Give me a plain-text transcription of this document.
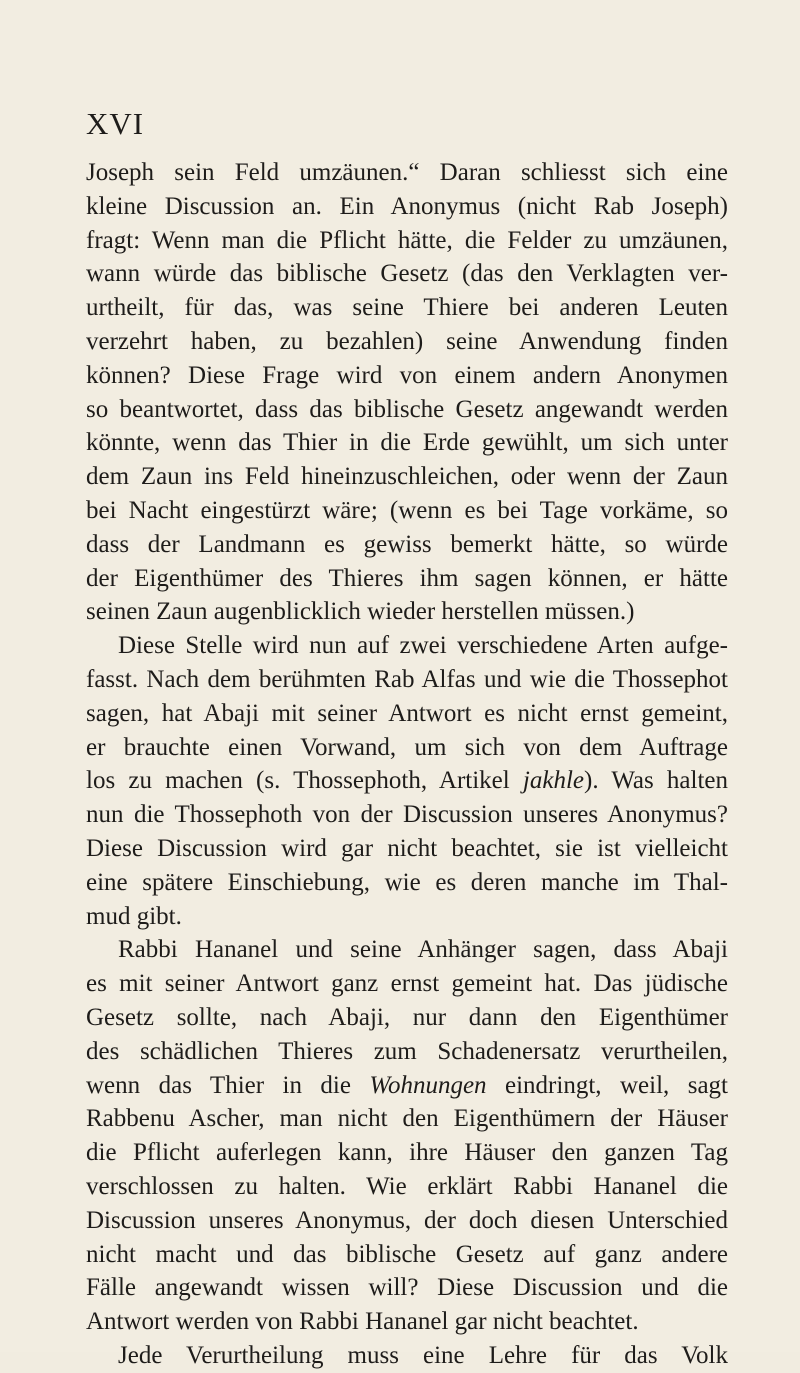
XVI
Joseph sein Feld umzäunen.“ Daran schliesst sich eine
kleine Discussion an. Ein Anonymus (nicht Rab Joseph)
fragt: Wenn man die Pflicht hätte, die Felder zu umzäunen,
wann würde das biblische Gesetz (das den Verklagten ver-
urtheilt, für das, was seine Thiere bei anderen Leuten
verzehrt haben, zu bezahlen) seine Anwendung finden
können? Diese Frage wird von einem andern Anonymen
so beantwortet, dass das biblische Gesetz angewandt werden
könnte, wenn das Thier in die Erde gewühlt, um sich unter
dem Zaun ins Feld hineinzuschleichen, oder wenn der Zaun
bei Nacht eingestürzt wäre; (wenn es bei Tage vorkäme, so
dass der Landmann es gewiss bemerkt hätte, so würde
der Eigenthümer des Thieres ihm sagen können, er hätte
seinen Zaun augenblicklich wieder herstellen müssen.)
Diese Stelle wird nun auf zwei verschiedene Arten aufge-
fasst. Nach dem berühmten Rab Alfas und wie die Thossephot
sagen, hat Abaji mit seiner Antwort es nicht ernst gemeint,
er brauchte einen Vorwand, um sich von dem Auftrage
los zu machen (s. Thossephoth, Artikel jakhle). Was halten
nun die Thossephoth von der Discussion unseres Anonymus?
Diese Discussion wird gar nicht beachtet, sie ist vielleicht
eine spätere Einschiebung, wie es deren manche im Thal-
mud gibt.
Rabbi Hananel und seine Anhänger sagen, dass Abaji
es mit seiner Antwort ganz ernst gemeint hat. Das jüdische
Gesetz sollte, nach Abaji, nur dann den Eigenthümer
des schädlichen Thieres zum Schadenersatz verurtheilen,
wenn das Thier in die Wohnungen eindringt, weil, sagt
Rabbenu Ascher, man nicht den Eigenthümern der Häuser
die Pflicht auferlegen kann, ihre Häuser den ganzen Tag
verschlossen zu halten. Wie erklärt Rabbi Hananel die
Discussion unseres Anonymus, der doch diesen Unterschied
nicht macht und das biblische Gesetz auf ganz andere
Fälle angewandt wissen will? Diese Discussion und die
Antwort werden von Rabbi Hananel gar nicht beachtet.
Jede Verurtheilung muss eine Lehre für das Volk
